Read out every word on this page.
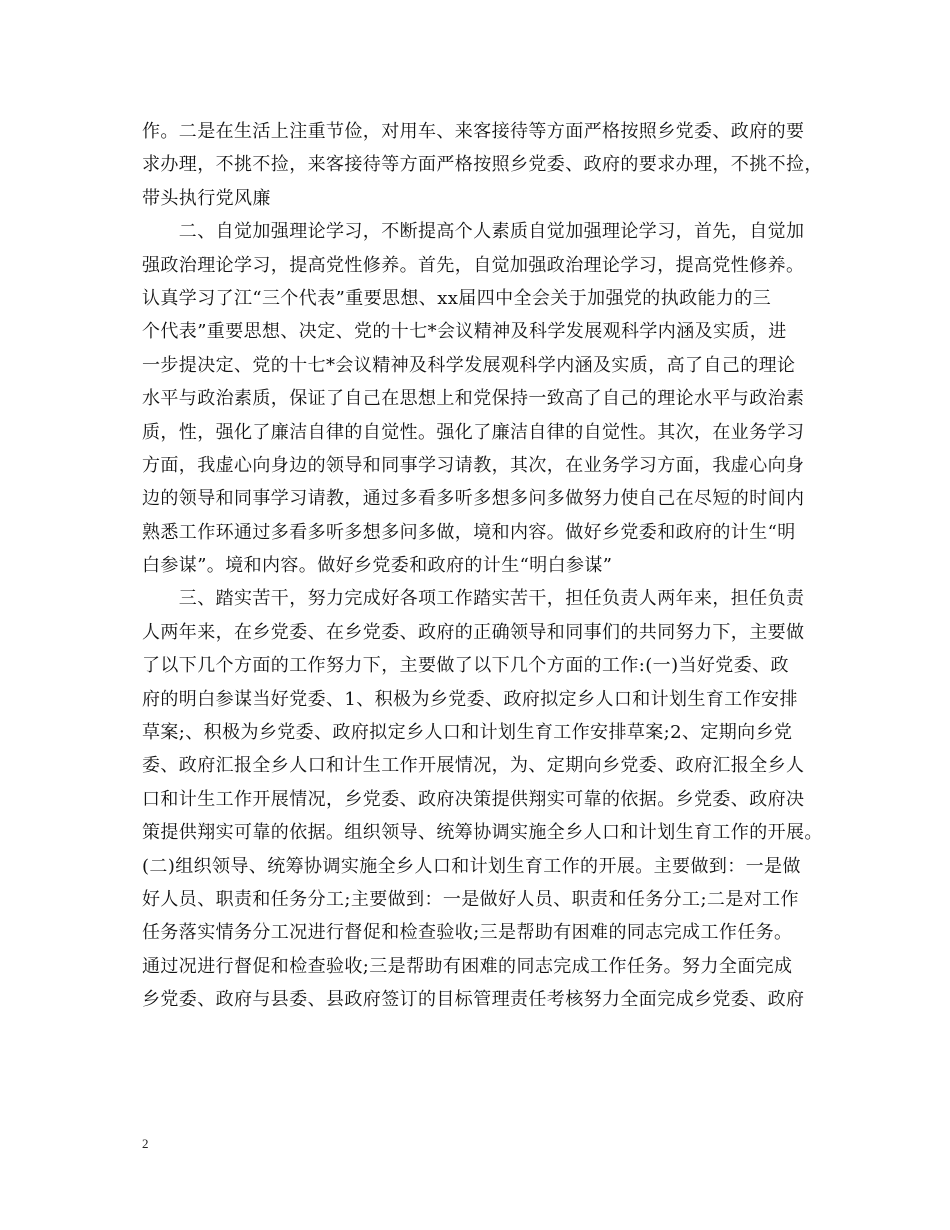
作。二是在生活上注重节俭，对用车、来客接待等方面严格按照乡党委、政府的要
求办理，不挑不捡，来客接待等方面严格按照乡党委、政府的要求办理，不挑不捡，
带头执行党风廉
　　二、自觉加强理论学习，不断提高个人素质自觉加强理论学习，首先，自觉加
强政治理论学习，提高党性修养。首先，自觉加强政治理论学习，提高党性修养。
认真学习了江“三个代表”重要思想、xx届四中全会关于加强党的执政能力的三
个代表”重要思想、决定、党的十七*会议精神及科学发展观科学内涵及实质，进
一步提决定、党的十七*会议精神及科学发展观科学内涵及实质，高了自己的理论
水平与政治素质，保证了自己在思想上和党保持一致高了自己的理论水平与政治素
质，性，强化了廉洁自律的自觉性。强化了廉洁自律的自觉性。其次，在业务学习
方面，我虚心向身边的领导和同事学习请教，其次，在业务学习方面，我虚心向身
边的领导和同事学习请教，通过多看多听多想多问多做努力使自己在尽短的时间内
熟悉工作环通过多看多听多想多问多做，境和内容。做好乡党委和政府的计生“明
白参谋”。境和内容。做好乡党委和政府的计生“明白参谋”
　　三、踏实苦干，努力完成好各项工作踏实苦干，担任负责人两年来，担任负责
人两年来，在乡党委、在乡党委、政府的正确领导和同事们的共同努力下，主要做
了以下几个方面的工作努力下，主要做了以下几个方面的工作:(一)当好党委、政
府的明白参谋当好党委、1、积极为乡党委、政府拟定乡人口和计划生育工作安排
草案;、积极为乡党委、政府拟定乡人口和计划生育工作安排草案;2、定期向乡党
委、政府汇报全乡人口和计生工作开展情况，为、定期向乡党委、政府汇报全乡人
口和计生工作开展情况，乡党委、政府决策提供翔实可靠的依据。乡党委、政府决
策提供翔实可靠的依据。组织领导、统筹协调实施全乡人口和计划生育工作的开展。
(二)组织领导、统筹协调实施全乡人口和计划生育工作的开展。主要做到：一是做
好人员、职责和任务分工;主要做到：一是做好人员、职责和任务分工;二是对工作
任务落实情务分工况进行督促和检查验收;三是帮助有困难的同志完成工作任务。
通过况进行督促和检查验收;三是帮助有困难的同志完成工作任务。努力全面完成
乡党委、政府与县委、县政府签订的目标管理责任考核努力全面完成乡党委、政府
2
